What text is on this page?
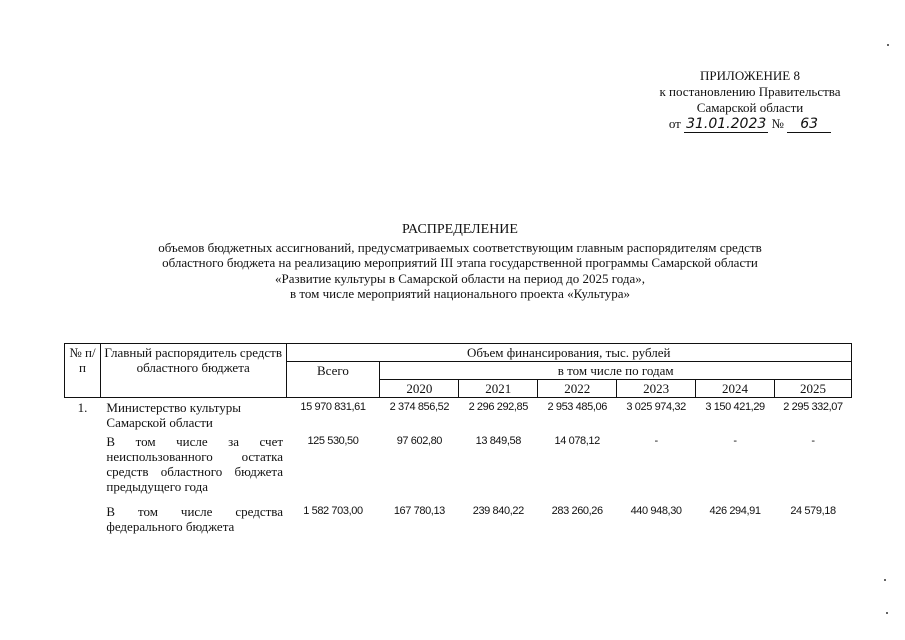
ПРИЛОЖЕНИЕ 8
к постановлению Правительства
Самарской области
от 31.01.2023 № 63
РАСПРЕДЕЛЕНИЕ
объемов бюджетных ассигнований, предусматриваемых соответствующим главным распорядителям средств
областного бюджета на реализацию мероприятий III этапа государственной программы Самарской области
«Развитие культуры в Самарской области на период до 2025 года»,
в том числе мероприятий национального проекта «Культура»
№ п/п	Главный распорядитель средств областного бюджета	Объем финансирования, тыс. рублей						
		Всего	в том числе по годам					
			2020	2021	2022	2023	2024	2025
1.	Министерство культуры Самарской области	15 970 831,61	2 374 856,52	2 296 292,85	2 953 485,06	3 025 974,32	3 150 421,29	2 295 332,07
	В том числе за счет неиспользованного остатка средств областного бюджета предыдущего года	125 530,50	97 602,80	13 849,58	14 078,12	-	-	-

	В том числе средства федерального бюджета	1 582 703,00	167 780,13	239 840,22	283 260,26	440 948,30	426 294,91	24 579,18
